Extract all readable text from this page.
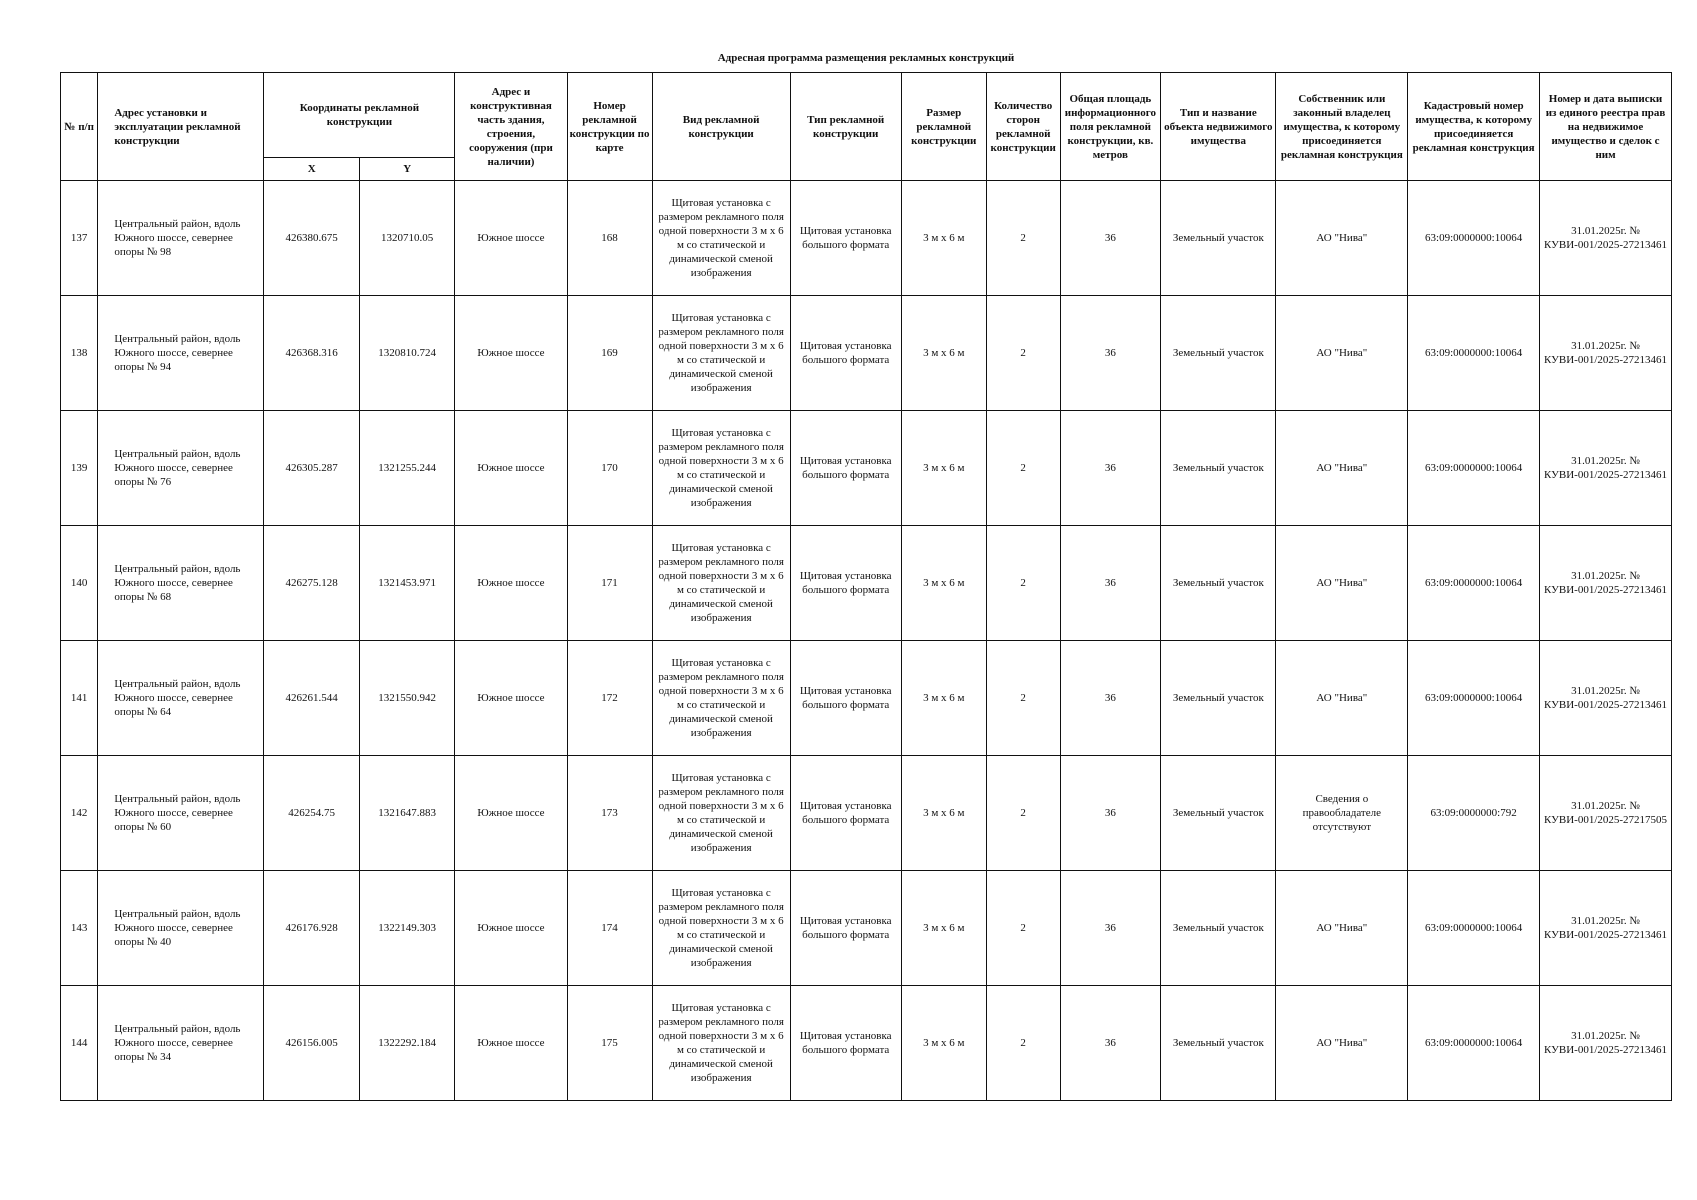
Адресная программа размещения рекламных конструкций
№ п/п	Адрес установки и эксплуатации рекламной конструкции	Координаты рекламной конструкции		Адрес и конструктивная часть здания, строения, сооружения (при наличии)	Номер рекламной конструкции по карте	Вид рекламной конструкции	Тип рекламной конструкции	Размер рекламной конструкции	Количество сторон рекламной конструкции	Общая площадь информационного поля рекламной конструкции, кв. метров	Тип и название объекта недвижимого имущества	Собственник или законный владелец имущества, к которому присоединяется рекламная конструкция	Кадастровый номер имущества, к которому присоединяется рекламная конструкция	Номер и дата выписки из единого реестра прав на недвижимое имущество и сделок с ним
		X	Y											
137	Центральный район, вдоль Южного шоссе, севернее опоры № 98	426380.675	1320710.05	Южное шоссе	168	Щитовая установка с размером рекламного поля одной поверхности 3 м х 6 м со статической и динамической сменой изображения	Щитовая установка большого формата	3 м х 6 м	2	36	Земельный участок	АО "Нива"	63:09:0000000:10064	31.01.2025г. № КУВИ-001/2025-27213461
138	Центральный район, вдоль Южного шоссе, севернее опоры № 94	426368.316	1320810.724	Южное шоссе	169	Щитовая установка с размером рекламного поля одной поверхности 3 м х 6 м со статической и динамической сменой изображения	Щитовая установка большого формата	3 м х 6 м	2	36	Земельный участок	АО "Нива"	63:09:0000000:10064	31.01.2025г. № КУВИ-001/2025-27213461
139	Центральный район, вдоль Южного шоссе, севернее опоры № 76	426305.287	1321255.244	Южное шоссе	170	Щитовая установка с размером рекламного поля одной поверхности 3 м х 6 м со статической и динамической сменой изображения	Щитовая установка большого формата	3 м х 6 м	2	36	Земельный участок	АО "Нива"	63:09:0000000:10064	31.01.2025г. № КУВИ-001/2025-27213461
140	Центральный район, вдоль Южного шоссе, севернее опоры № 68	426275.128	1321453.971	Южное шоссе	171	Щитовая установка с размером рекламного поля одной поверхности 3 м х 6 м со статической и динамической сменой изображения	Щитовая установка большого формата	3 м х 6 м	2	36	Земельный участок	АО "Нива"	63:09:0000000:10064	31.01.2025г. № КУВИ-001/2025-27213461
141	Центральный район, вдоль Южного шоссе, севернее опоры № 64	426261.544	1321550.942	Южное шоссе	172	Щитовая установка с размером рекламного поля одной поверхности 3 м х 6 м со статической и динамической сменой изображения	Щитовая установка большого формата	3 м х 6 м	2	36	Земельный участок	АО "Нива"	63:09:0000000:10064	31.01.2025г. № КУВИ-001/2025-27213461
142	Центральный район, вдоль Южного шоссе, севернее опоры № 60	426254.75	1321647.883	Южное шоссе	173	Щитовая установка с размером рекламного поля одной поверхности 3 м х 6 м со статической и динамической сменой изображения	Щитовая установка большого формата	3 м х 6 м	2	36	Земельный участок	Сведения о правообладателе отсутствуют	63:09:0000000:792	31.01.2025г. № КУВИ-001/2025-27217505
143	Центральный район, вдоль Южного шоссе, севернее опоры № 40	426176.928	1322149.303	Южное шоссе	174	Щитовая установка с размером рекламного поля одной поверхности 3 м х 6 м со статической и динамической сменой изображения	Щитовая установка большого формата	3 м х 6 м	2	36	Земельный участок	АО "Нива"	63:09:0000000:10064	31.01.2025г. № КУВИ-001/2025-27213461
144	Центральный район, вдоль Южного шоссе, севернее опоры № 34	426156.005	1322292.184	Южное шоссе	175	Щитовая установка с размером рекламного поля одной поверхности 3 м х 6 м со статической и динамической сменой изображения	Щитовая установка большого формата	3 м х 6 м	2	36	Земельный участок	АО "Нива"	63:09:0000000:10064	31.01.2025г. № КУВИ-001/2025-27213461
